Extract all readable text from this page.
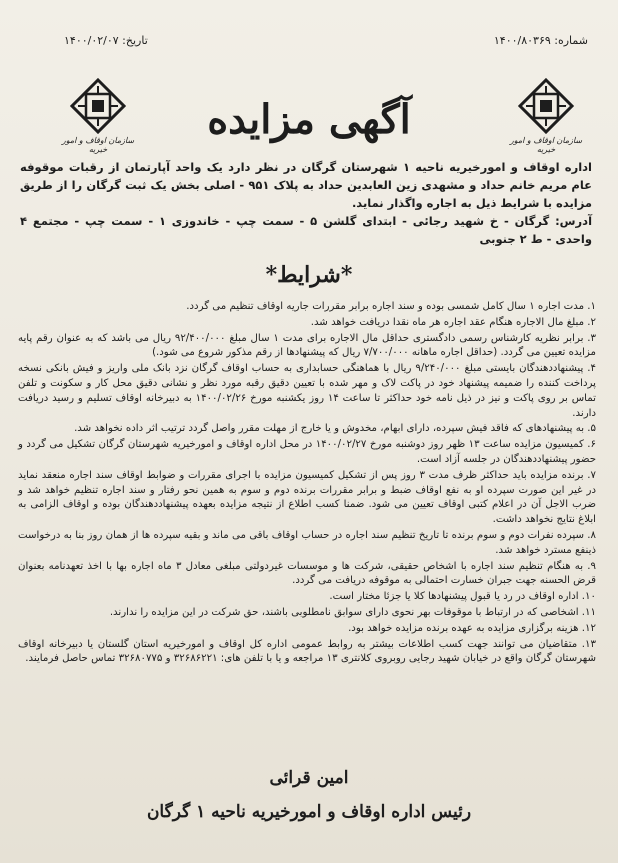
شماره: ۱۴۰۰/۸۰۳۶۹
تاریخ: ۱۴۰۰/۰۲/۰۷
سازمان اوقاف و امور خیریه
سازمان اوقاف و امور خیریه
آگهی مزایده

اداره اوقاف و امورخیریه ناحیه ۱ شهرستان گرگان در نظر دارد یک واحد آپارتمان از رقبات موقوفه عام مریم خانم حداد و مشهدی زین العابدین حداد به پلاک ۹۵۱ - اصلی بخش یک ثبت گرگان را از طریق مزایده با شرایط ذیل به اجاره واگذار نماید.

آدرس: گرگان - خ شهید رجائی - ابتدای گلشن ۵ - سمت چپ - خاندوزی ۱ - سمت چپ - مجتمع ۴ واحدی - ط ۲ جنوبی

*شرایط*

۱. مدت اجاره ۱ سال کامل شمسی بوده و سند اجاره برابر مقررات جاریه اوقاف تنظیم می گردد.

۲. مبلغ مال الاجاره هنگام عقد اجاره هر ماه نقدا دریافت خواهد شد.

۳. برابر نظریه کارشناس رسمی دادگستری حداقل مال الاجاره برای مدت ۱ سال مبلغ ۹۲/۴۰۰/۰۰۰ ریال می باشد که به عنوان رقم پایه مزایده تعیین می گردد. (حداقل اجاره ماهانه ۷/۷۰۰/۰۰۰ ریال که پیشنهادها از رقم مذکور شروع می شود.)

۴. پیشنهاددهندگان بایستی مبلغ ۹/۲۴۰/۰۰۰ ریال با هماهنگی حسابداری به حساب اوقاف گرگان نزد بانک ملی واریز و فیش بانکی نسخه پرداخت کننده را ضمیمه پیشنهاد خود در پاکت لاک و مهر شده با تعیین دقیق رقبه مورد نظر و نشانی دقیق محل کار و سکونت و تلفن تماس بر روی پاکت و نیز در ذیل نامه خود حداکثر تا ساعت ۱۴ روز یکشنبه مورخ ۱۴۰۰/۰۲/۲۶ به دبیرخانه اوقاف تسلیم و رسید دریافت دارند.

۵. به پیشنهادهای که فاقد فیش سپرده، دارای ابهام، مخدوش و یا خارج از مهلت مقرر واصل گردد ترتیب اثر داده نخواهد شد.

۶. کمیسیون مزایده ساعت ۱۳ ظهر روز دوشنبه مورخ ۱۴۰۰/۰۲/۲۷ در محل اداره اوقاف و امورخیریه شهرستان گرگان تشکیل می گردد و حضور پیشنهاددهندگان در جلسه آزاد است.

۷. برنده مزایده باید حداکثر ظرف مدت ۳ روز پس از تشکیل کمیسیون مزایده با اجرای مقررات و ضوابط اوقاف سند اجاره منعقد نماید در غیر این صورت سپرده او به نفع اوقاف ضبط و برابر مقررات برنده دوم و سوم به همین نحو رفتار و سند اجاره تنظیم خواهد شد و ضرب الاجل آن در اعلام کتبی اوقاف تعیین می شود. ضمنا کسب اطلاع از نتیجه مزایده بعهده پیشنهاددهندگان بوده و اوقاف الزامی به ابلاغ نتایج نخواهد داشت.

۸. سپرده نفرات دوم و سوم برنده تا تاریخ تنظیم سند اجاره در حساب اوقاف باقی می ماند و بقیه سپرده ها از همان روز بنا به درخواست ذینفع مسترد خواهد شد.

۹. به هنگام تنظیم سند اجاره با اشخاص حقیقی، شرکت ها و موسسات غیردولتی مبلغی معادل ۳ ماه اجاره بها با اخذ تعهدنامه بعنوان قرض الحسنه جهت جبران خسارت احتمالی به موقوفه دریافت می گردد.

۱۰. اداره اوقاف در رد یا قبول پیشنهادها کلا یا جزئا مختار است.

۱۱. اشخاصی که در ارتباط با موقوفات بهر نحوی دارای سوابق نامطلوبی باشند، حق شرکت در این مزایده را ندارند.

۱۲. هزینه برگزاری مزایده به عهده برنده مزایده خواهد بود.

۱۳. متقاضیان می توانند جهت کسب اطلاعات بیشتر به روابط عمومی اداره کل اوقاف و امورخیریه استان گلستان یا دبیرخانه اوقاف شهرستان گرگان واقع در خیابان شهید رجایی روبروی کلانتری ۱۳ مراجعه و یا با تلفن های: ۳۲۶۸۶۲۲۱ و ۳۲۶۸۰۷۷۵ تماس حاصل فرمایند.

امین قرائی
رئیس اداره اوقاف و امورخیریه ناحیه ۱ گرگان
